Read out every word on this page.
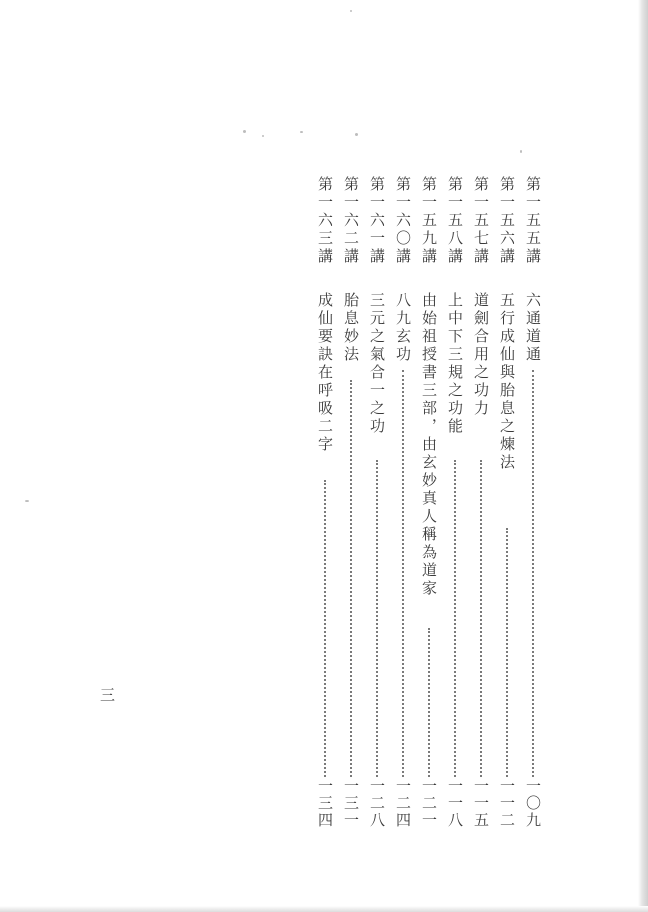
第一五五講
六通道通
一〇九
第一五六講
五行成仙與胎息之煉法
一一二
第一五七講
道劍合用之功力
一一五
第一五八講
上中下三規之功能
一一八
第一五九講
由始祖授書三部，由玄妙真人稱為道家
一二一
第一六〇講
八九玄功
一二四
第一六一講
三元之氣合一之功
一二八
第一六二講
胎息妙法
一三一
第一六三講
成仙要訣在呼吸二字
一三四
三
